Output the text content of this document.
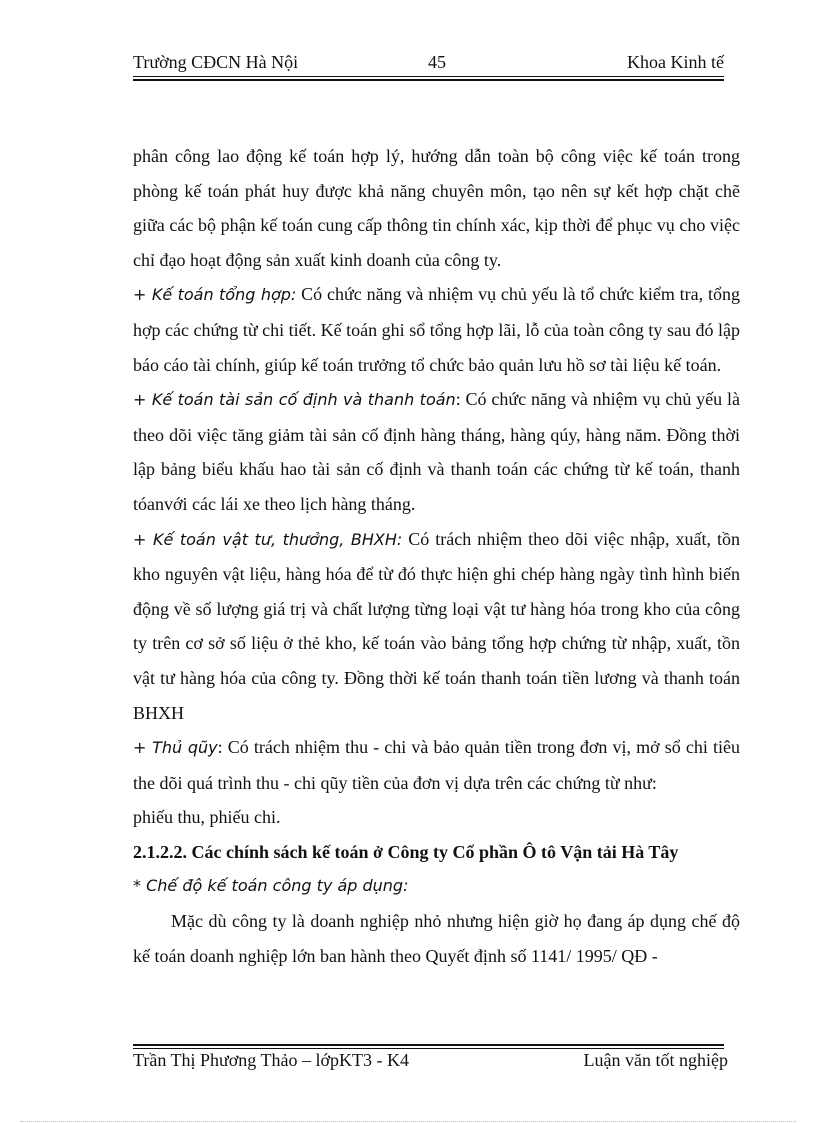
Trường CĐCN Hà Nội	45	Khoa Kinh tế

phân công lao động kế toán hợp lý, hướng dẫn toàn bộ công việc kế toán trong phòng kế toán phát huy được khả năng chuyên môn, tạo nên sự kết hợp chặt chẽ giữa các bộ phận kế toán cung cấp thông tin chính xác, kịp thời để phục vụ cho việc chỉ đạo hoạt động sản xuất kinh doanh của công ty.

+ Kế toán tổng hợp: Có chức năng và nhiệm vụ chủ yếu là tổ chức kiểm tra, tổng hợp các chứng từ chi tiết. Kế toán ghi sổ tổng hợp lãi, lỗ của toàn công ty sau đó lập báo cáo tài chính, giúp kế toán trưởng tổ chức bảo quản lưu hồ sơ tài liệu kế toán.

+ Kế toán tài sản cố định và thanh toán: Có chức năng và nhiệm vụ chủ yếu là theo dõi việc tăng giảm tài sản cố định hàng tháng, hàng qúy, hàng năm. Đồng thời lập bảng biểu khấu hao tài sản cố định và thanh toán các chứng từ kế toán, thanh tóanvới các lái xe theo lịch hàng tháng.

+ Kế toán vật tư, thưởng, BHXH: Có trách nhiệm theo dõi việc nhập, xuất, tồn kho nguyên vật liệu, hàng hóa để từ đó thực hiện ghi chép hàng ngày tình hình biến động về số lượng giá trị và chất lượng từng loại vật tư hàng hóa trong kho của công ty trên cơ sở số liệu ở thẻ kho, kế toán vào bảng tổng hợp chứng từ nhập, xuất, tồn vật tư hàng hóa của công ty. Đồng thời kế toán thanh toán tiền lương và thanh toán BHXH

+ Thủ qũy: Có trách nhiệm thu - chi và bảo quản tiền trong đơn vị, mở sổ chi tiêu the dõi quá trình thu - chi qũy tiền của đơn vị dựa trên các chứng từ như:

phiếu thu, phiếu chi.

2.1.2.2. Các chính sách kế toán ở Công ty Cổ phần Ô tô Vận tải Hà Tây

* Chế độ kế toán công ty áp dụng:

Mặc dù công ty là doanh nghiệp nhỏ nhưng hiện giờ họ đang áp dụng chế độ kế toán doanh nghiệp lớn ban hành theo Quyết định số 1141/ 1995/ QĐ -

Trần Thị Phương Thảo – lớpKT3 - K4	Luận văn tốt nghiệp
